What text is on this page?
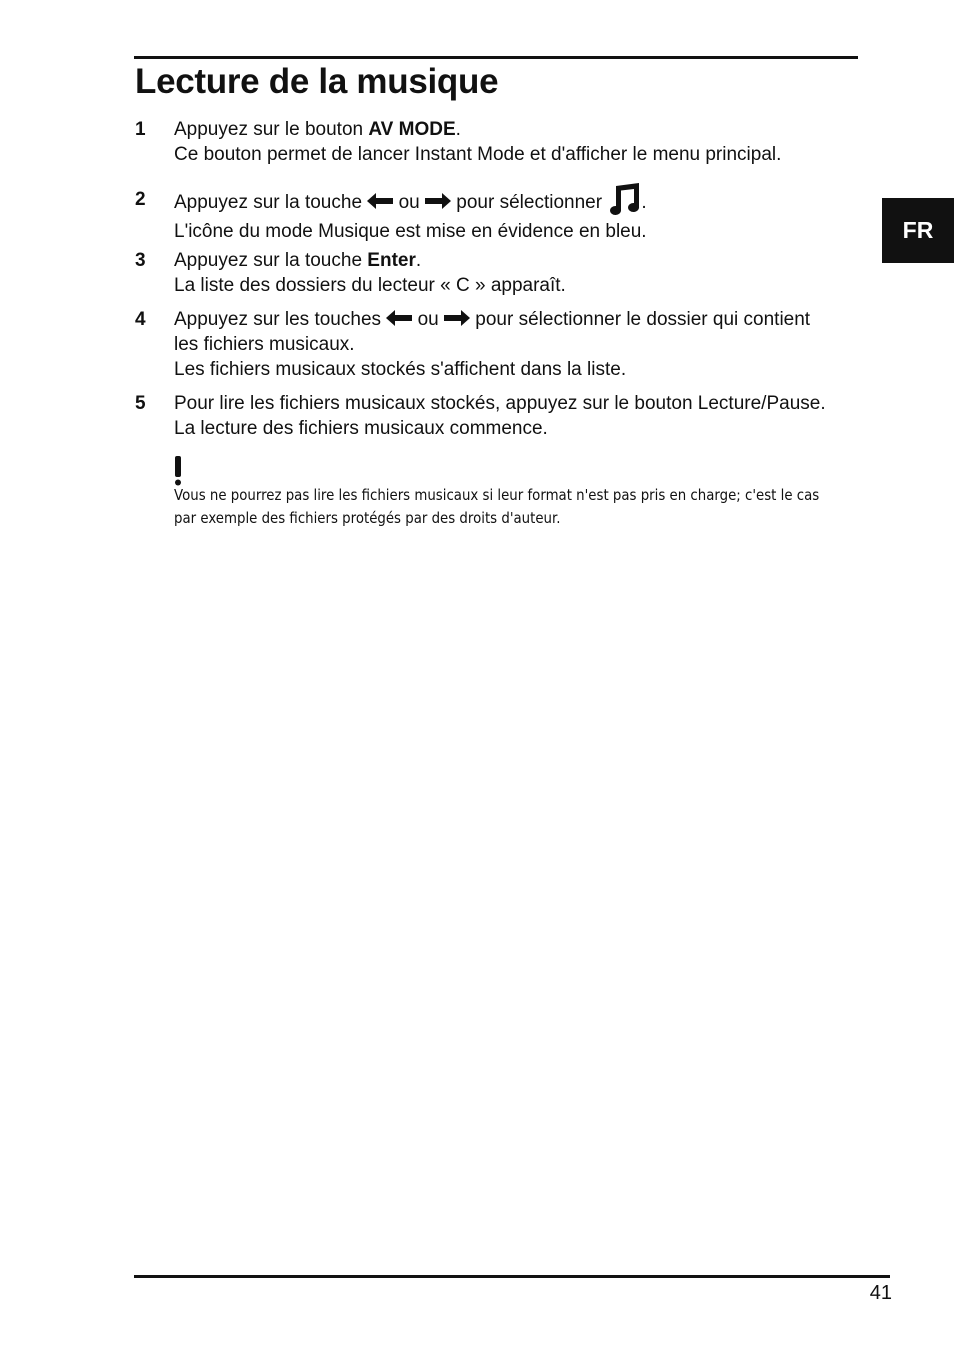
Lecture de la musique
FR
1 Appuyez sur le bouton AV MODE.
Ce bouton permet de lancer Instant Mode et d'afficher le menu principal.
2 Appuyez sur la touche  ou  pour sélectionner .
L'icône du mode Musique est mise en évidence en bleu.
3 Appuyez sur la touche Enter.
La liste des dossiers du lecteur « C » apparaît.
4 Appuyez sur les touches  ou  pour sélectionner le dossier qui contient
les fichiers musicaux.
Les fichiers musicaux stockés s'affichent dans la liste.
5 Pour lire les fichiers musicaux stockés, appuyez sur le bouton Lecture/Pause.
La lecture des fichiers musicaux commence.
Vous ne pourrez pas lire les fichiers musicaux si leur format n'est pas pris en charge; c'est le cas
par exemple des fichiers protégés par des droits d'auteur.
41
